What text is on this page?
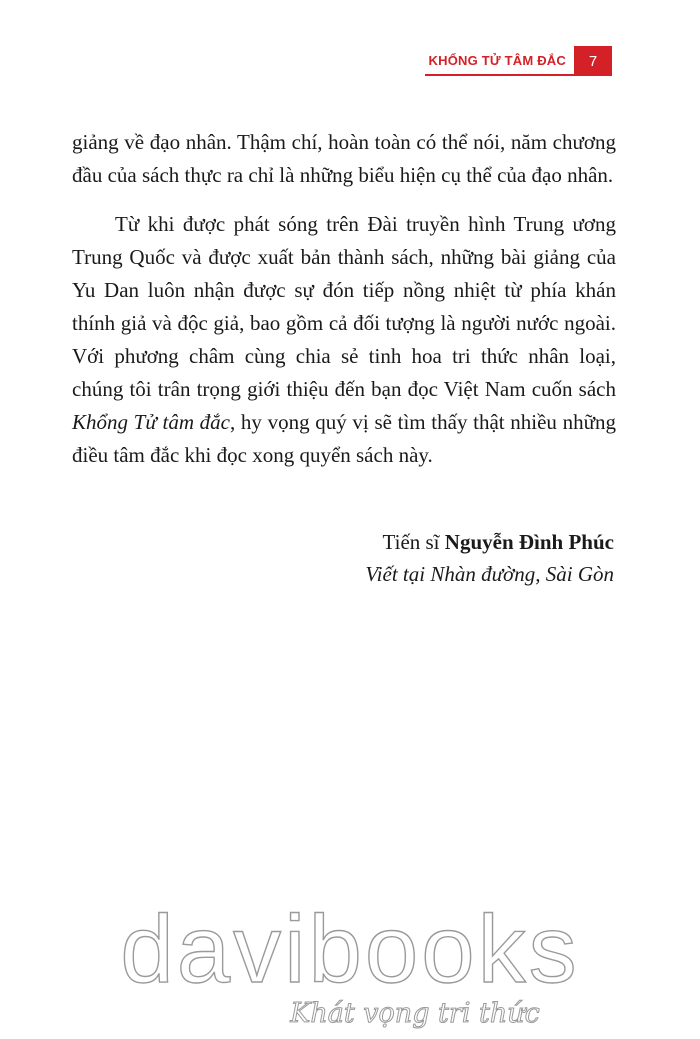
KHỔNG TỬ TÂM ĐẮC	7

giảng về đạo nhân. Thậm chí, hoàn toàn có thể nói, năm chương đầu của sách thực ra chỉ là những biểu hiện cụ thể của đạo nhân.

Từ khi được phát sóng trên Đài truyền hình Trung ương Trung Quốc và được xuất bản thành sách, những bài giảng của Yu Dan luôn nhận được sự đón tiếp nồng nhiệt từ phía khán thính giả và độc giả, bao gồm cả đối tượng là người nước ngoài. Với phương châm cùng chia sẻ tinh hoa tri thức nhân loại, chúng tôi trân trọng giới thiệu đến bạn đọc Việt Nam cuốn sách Khổng Tử tâm đắc, hy vọng quý vị sẽ tìm thấy thật nhiều những điều tâm đắc khi đọc xong quyển sách này.

Tiến sĩ Nguyễn Đình Phúc
Viết tại Nhàn đường, Sài Gòn
davibooks
Khát vọng tri thức
